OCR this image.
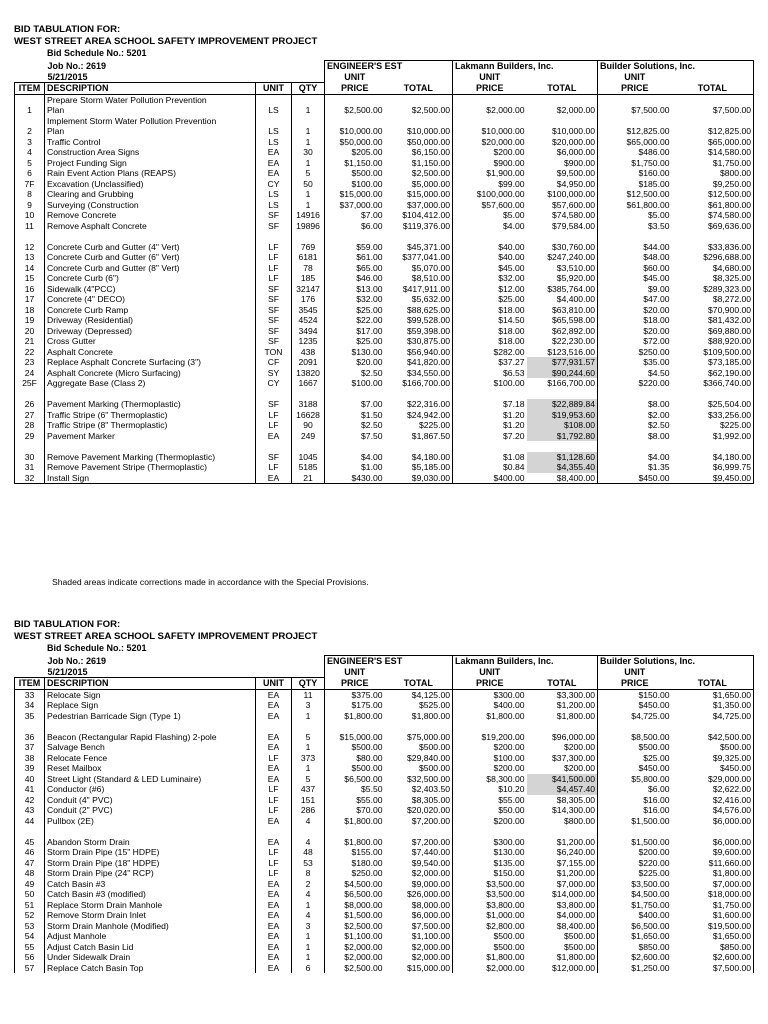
BID TABULATION FOR:
WEST STREET AREA SCHOOL SAFETY IMPROVEMENT PROJECT
Bid Schedule No.: 5201
Job No.: 2619				ENGINEER'S EST		Lakmann Builders, Inc.		Builder Solutions, Inc.	
5/21/2015				UNIT		UNIT		UNIT	
ITEM	DESCRIPTION	UNIT	QTY	PRICE	TOTAL	PRICE	TOTAL	PRICE	TOTAL
1	Prepare Storm Water Pollution Prevention
Plan	LS	1	$2,500.00	$2,500.00	$2,000.00	$2,000.00	$7,500.00	$7,500.00
2	Implement Storm Water Pollution Prevention
Plan	LS	1	$10,000.00	$10,000.00	$10,000.00	$10,000.00	$12,825.00	$12,825.00
3	Traffic Control	LS	1	$50,000.00	$50,000.00	$20,000.00	$20,000.00	$65,000.00	$65,000.00
4	Construction Area Signs	EA	30	$205.00	$6,150.00	$200.00	$6,000.00	$486.00	$14,580.00
5	Project Funding Sign	EA	1	$1,150.00	$1,150.00	$900.00	$900.00	$1,750.00	$1,750.00
6	Rain Event Action Plans (REAPS)	EA	5	$500.00	$2,500.00	$1,900.00	$9,500.00	$160.00	$800.00
7F	Excavation (Unclassified)	CY	50	$100.00	$5,000.00	$99.00	$4,950.00	$185.00	$9,250.00
8	Clearing and Grubbing	LS	1	$15,000.00	$15,000.00	$100,000.00	$100,000.00	$12,500.00	$12,500.00
9	Surveying (Construction	LS	1	$37,000.00	$37,000.00	$57,600.00	$57,600.00	$61,800.00	$61,800.00
10	Remove Concrete	SF	14916	$7.00	$104,412.00	$5.00	$74,580.00	$5.00	$74,580.00
11	Remove Asphalt Concrete	SF	19896	$6.00	$119,376.00	$4.00	$79,584.00	$3.50	$69,636.00

12	Concrete Curb and Gutter (4" Vert)	LF	769	$59.00	$45,371.00	$40.00	$30,760.00	$44.00	$33,836.00
13	Concrete Curb and Gutter (6" Vert)	LF	6181	$61.00	$377,041.00	$40.00	$247,240.00	$48.00	$296,688.00
14	Concrete Curb and Gutter (8" Vert)	LF	78	$65.00	$5,070.00	$45.00	$3,510.00	$60.00	$4,680.00
15	Concrete Curb (6")	LF	185	$46.00	$8,510.00	$32.00	$5,920.00	$45.00	$8,325.00
16	Sidewalk (4"PCC)	SF	32147	$13.00	$417,911.00	$12.00	$385,764.00	$9.00	$289,323.00
17	Concrete (4" DECO)	SF	176	$32.00	$5,632.00	$25.00	$4,400.00	$47.00	$8,272.00
18	Concrete Curb Ramp	SF	3545	$25.00	$88,625.00	$18.00	$63,810.00	$20.00	$70,900.00
19	Driveway (Residential)	SF	4524	$22.00	$99,528.00	$14.50	$65,598.00	$18.00	$81,432.00
20	Driveway (Depressed)	SF	3494	$17.00	$59,398.00	$18.00	$62,892.00	$20.00	$69,880.00
21	Cross Gutter	SF	1235	$25.00	$30,875.00	$18.00	$22,230.00	$72.00	$88,920.00
22	Asphalt Concrete	TON	438	$130.00	$56,940.00	$282.00	$123,516.00	$250.00	$109,500.00
23	Replace Asphalt Concrete Surfacing (3")	CF	2091	$20.00	$41,820.00	$37.27	$77,931.57	$35.00	$73,185.00
24	Asphalt Concrete (Micro Surfacing)	SY	13820	$2.50	$34,550.00	$6.53	$90,244.60	$4.50	$62,190.00
25F	Aggregate Base (Class 2)	CY	1667	$100.00	$166,700.00	$100.00	$166,700.00	$220.00	$366,740.00

26	Pavement Marking (Thermoplastic)	SF	3188	$7.00	$22,316.00	$7.18	$22,889.84	$8.00	$25,504.00
27	Traffic Stripe (6" Thermoplastic)	LF	16628	$1.50	$24,942.00	$1.20	$19,953.60	$2.00	$33,256.00
28	Traffic Stripe (8" Thermoplastic)	LF	90	$2.50	$225.00	$1.20	$108.00	$2.50	$225.00
29	Pavement Marker	EA	249	$7.50	$1,867.50	$7.20	$1,792.80	$8.00	$1,992.00

30	Remove Pavement Marking (Thermoplastic)	SF	1045	$4.00	$4,180.00	$1.08	$1,128.60	$4.00	$4,180.00
31	Remove Pavement Stripe (Thermoplastic)	LF	5185	$1.00	$5,185.00	$0.84	$4,355.40	$1.35	$6,999.75
32	Install Sign	EA	21	$430.00	$9,030.00	$400.00	$8,400.00	$450.00	$9,450.00
Shaded areas indicate corrections made in accordance with the Special Provisions.
BID TABULATION FOR:
WEST STREET AREA SCHOOL SAFETY IMPROVEMENT PROJECT
Bid Schedule No.: 5201
Job No.: 2619				ENGINEER'S EST		Lakmann Builders, Inc.		Builder Solutions, Inc.	
5/21/2015				UNIT		UNIT		UNIT	
ITEM	DESCRIPTION	UNIT	QTY	PRICE	TOTAL	PRICE	TOTAL	PRICE	TOTAL
33	Relocate Sign	EA	11	$375.00	$4,125.00	$300.00	$3,300.00	$150.00	$1,650.00
34	Replace Sign	EA	3	$175.00	$525.00	$400.00	$1,200.00	$450.00	$1,350.00
35	Pedestrian Barricade Sign (Type 1)	EA	1	$1,800.00	$1,800.00	$1,800.00	$1,800.00	$4,725.00	$4,725.00

36	Beacon (Rectangular Rapid Flashing) 2-pole	EA	5	$15,000.00	$75,000.00	$19,200.00	$96,000.00	$8,500.00	$42,500.00
37	Salvage Bench	EA	1	$500.00	$500.00	$200.00	$200.00	$500.00	$500.00
38	Relocate Fence	LF	373	$80.00	$29,840.00	$100.00	$37,300.00	$25.00	$9,325.00
39	Reset Mailbox	EA	1	$500.00	$500.00	$200.00	$200.00	$450.00	$450.00
40	Street Light (Standard & LED Luminaire)	EA	5	$6,500.00	$32,500.00	$8,300.00	$41,500.00	$5,800.00	$29,000.00
41	Conductor (#6)	LF	437	$5.50	$2,403.50	$10.20	$4,457.40	$6.00	$2,622.00
42	Conduit (4" PVC)	LF	151	$55.00	$8,305.00	$55.00	$8,305.00	$16.00	$2,416.00
43	Conduit (2" PVC)	LF	286	$70.00	$20,020.00	$50.00	$14,300.00	$16.00	$4,576.00
44	Pullbox (2E)	EA	4	$1,800.00	$7,200.00	$200.00	$800.00	$1,500.00	$6,000.00

45	Abandon Storm Drain	EA	4	$1,800.00	$7,200.00	$300.00	$1,200.00	$1,500.00	$6,000.00
46	Storm Drain Pipe (15" HDPE)	LF	48	$155.00	$7,440.00	$130.00	$6,240.00	$200.00	$9,600.00
47	Storm Drain Pipe (18" HDPE)	LF	53	$180.00	$9,540.00	$135.00	$7,155.00	$220.00	$11,660.00
48	Storm Drain Pipe (24" RCP)	LF	8	$250.00	$2,000.00	$150.00	$1,200.00	$225.00	$1,800.00
49	Catch Basin #3	EA	2	$4,500.00	$9,000.00	$3,500.00	$7,000.00	$3,500.00	$7,000.00
50	Catch Basin #3 (modified)	EA	4	$6,500.00	$26,000.00	$3,500.00	$14,000.00	$4,500.00	$18,000.00
51	Replace Storm Drain Manhole	EA	1	$8,000.00	$8,000.00	$3,800.00	$3,800.00	$1,750.00	$1,750.00
52	Remove Storm Drain Inlet	EA	4	$1,500.00	$6,000.00	$1,000.00	$4,000.00	$400.00	$1,600.00
53	Storm Drain Manhole (Modified)	EA	3	$2,500.00	$7,500.00	$2,800.00	$8,400.00	$6,500.00	$19,500.00
54	Adjust Manhole	EA	1	$1,100.00	$1,100.00	$500.00	$500.00	$1,650.00	$1,650.00
55	Adjust Catch Basin Lid	EA	1	$2,000.00	$2,000.00	$500.00	$500.00	$850.00	$850.00
56	Under Sidewalk Drain	EA	1	$2,000.00	$2,000.00	$1,800.00	$1,800.00	$2,600.00	$2,600.00
57	Replace Catch Basin Top	EA	6	$2,500.00	$15,000.00	$2,000.00	$12,000.00	$1,250.00	$7,500.00
